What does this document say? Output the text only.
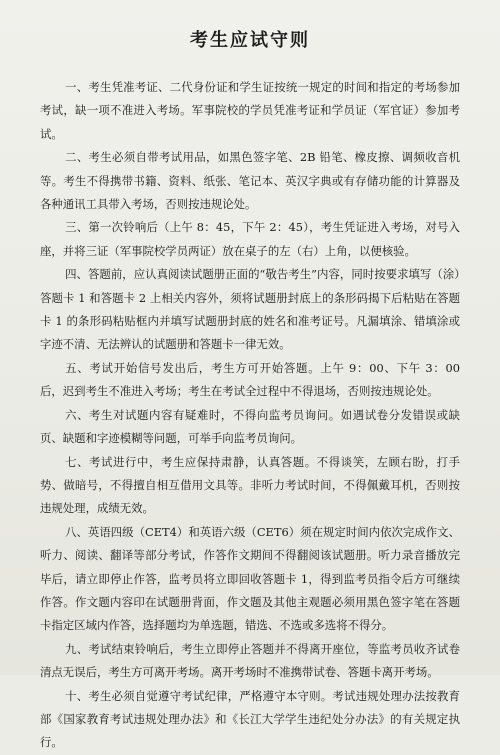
考生应试守则

一、考生凭准考证、二代身份证和学生证按统一规定的时间和指定的考场参加考试，缺一项不准进入考场。军事院校的学员凭准考证和学员证（军官证）参加考试。

二、考生必须自带考试用品，如黑色签字笔、2B 铅笔、橡皮擦、调频收音机等。考生不得携带书籍、资料、纸张、笔记本、英汉字典或有存储功能的计算器及各种通讯工具带入考场，否则按违规论处。

三、第一次铃响后（上午 8：45，下午 2：45），考生凭证进入考场，对号入座，并将三证（军事院校学员两证）放在桌子的左（右）上角，以便核验。

四、答题前，应认真阅读试题册正面的“敬告考生”内容，同时按要求填写（涂）答题卡 1 和答题卡 2 上相关内容外，须将试题册封底上的条形码揭下后粘贴在答题卡 1 的条形码粘贴框内并填写试题册封底的姓名和准考证号。凡漏填涂、错填涂或字迹不清、无法辨认的试题册和答题卡一律无效。

五、考试开始信号发出后，考生方可开始答题。上午 9：00、下午 3：00 后，迟到考生不准进入考场；考生在考试全过程中不得退场，否则按违规论处。

六、考生对试题内容有疑难时，不得向监考员询问。如遇试卷分发错误或缺页、缺题和字迹模糊等问题，可举手向监考员询问。

七、考试进行中，考生应保持肃静，认真答题。不得谈笑，左顾右盼，打手势、做暗号，不得擅自相互借用文具等。非听力考试时间，不得佩戴耳机，否则按违规处理，成绩无效。

八、英语四级（CET4）和英语六级（CET6）须在规定时间内依次完成作文、听力、阅读、翻译等部分考试，作答作文期间不得翻阅该试题册。听力录音播放完毕后，请立即停止作答，监考员将立即回收答题卡 1，得到监考员指令后方可继续作答。作文题内容印在试题册背面，作文题及其他主观题必须用黑色签字笔在答题卡指定区域内作答，选择题均为单选题，错选、不选或多选将不得分。

九、考试结束铃响后，考生立即停止答题并不得离开座位，等监考员收齐试卷清点无误后，考生方可离开考场。离开考场时不准携带试卷、答题卡离开考场。

十、考生必须自觉遵守考试纪律，严格遵守本守则。考试违规处理办法按教育部《国家教育考试违规处理办法》和《长江大学学生违纪处分办法》的有关规定执行。
